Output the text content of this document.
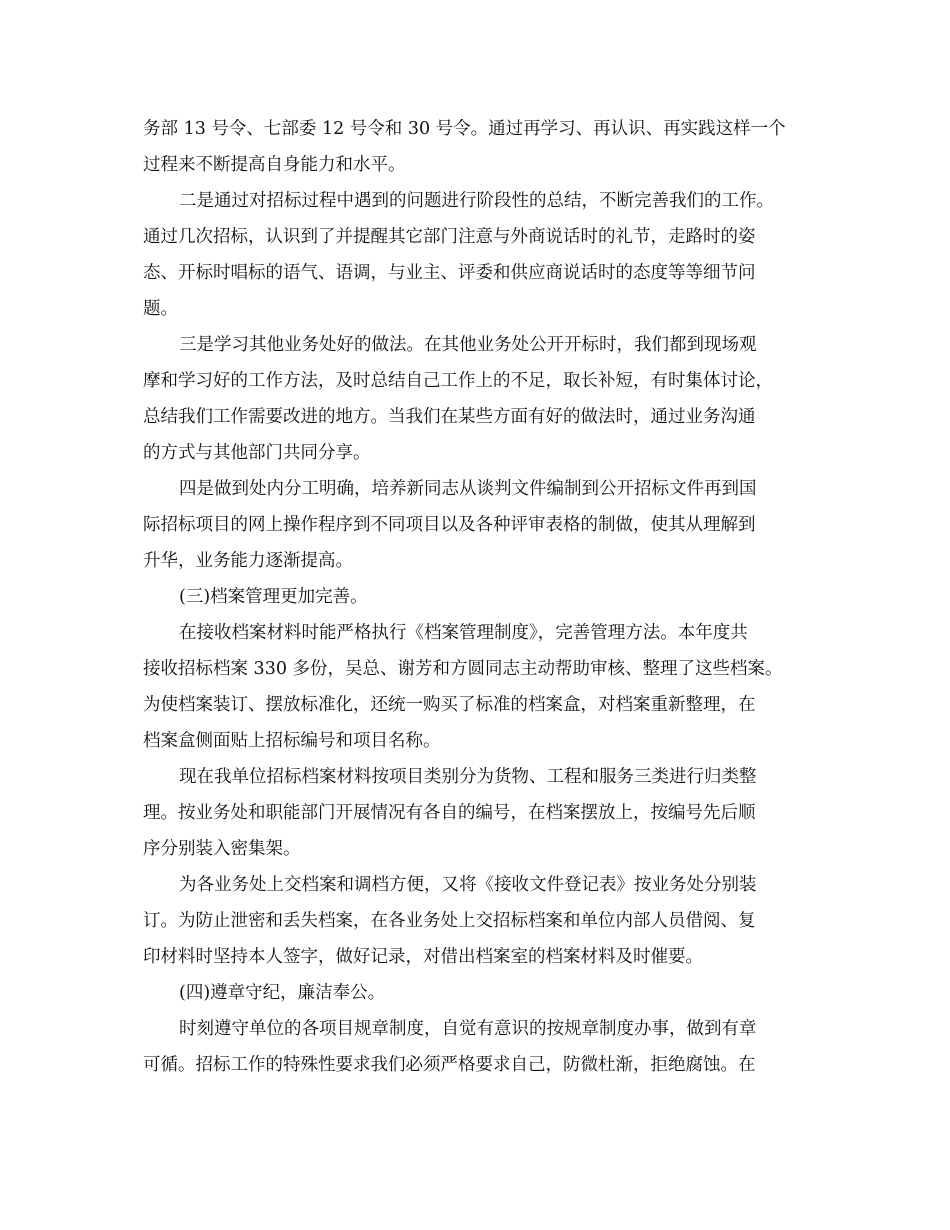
务部 13 号令、七部委 12 号令和 30 号令。通过再学习、再认识、再实践这样一个
过程来不断提高自身能力和水平。
二是通过对招标过程中遇到的问题进行阶段性的总结，不断完善我们的工作。
通过几次招标，认识到了并提醒其它部门注意与外商说话时的礼节，走路时的姿
态、开标时唱标的语气、语调，与业主、评委和供应商说话时的态度等等细节问
题。
三是学习其他业务处好的做法。在其他业务处公开开标时，我们都到现场观
摩和学习好的工作方法，及时总结自己工作上的不足，取长补短，有时集体讨论，
总结我们工作需要改进的地方。当我们在某些方面有好的做法时，通过业务沟通
的方式与其他部门共同分享。
四是做到处内分工明确，培养新同志从谈判文件编制到公开招标文件再到国
际招标项目的网上操作程序到不同项目以及各种评审表格的制做，使其从理解到
升华，业务能力逐渐提高。
(三)档案管理更加完善。
在接收档案材料时能严格执行《档案管理制度》，完善管理方法。本年度共
接收招标档案 330 多份，吴总、谢芳和方圆同志主动帮助审核、整理了这些档案。
为使档案装订、摆放标准化，还统一购买了标准的档案盒，对档案重新整理，在
档案盒侧面贴上招标编号和项目名称。
现在我单位招标档案材料按项目类别分为货物、工程和服务三类进行归类整
理。按业务处和职能部门开展情况有各自的编号，在档案摆放上，按编号先后顺
序分别装入密集架。
为各业务处上交档案和调档方便，又将《接收文件登记表》按业务处分别装
订。为防止泄密和丢失档案，在各业务处上交招标档案和单位内部人员借阅、复
印材料时坚持本人签字，做好记录，对借出档案室的档案材料及时催要。
(四)遵章守纪，廉洁奉公。
时刻遵守单位的各项目规章制度，自觉有意识的按规章制度办事，做到有章
可循。招标工作的特殊性要求我们必须严格要求自己，防微杜渐，拒绝腐蚀。在
